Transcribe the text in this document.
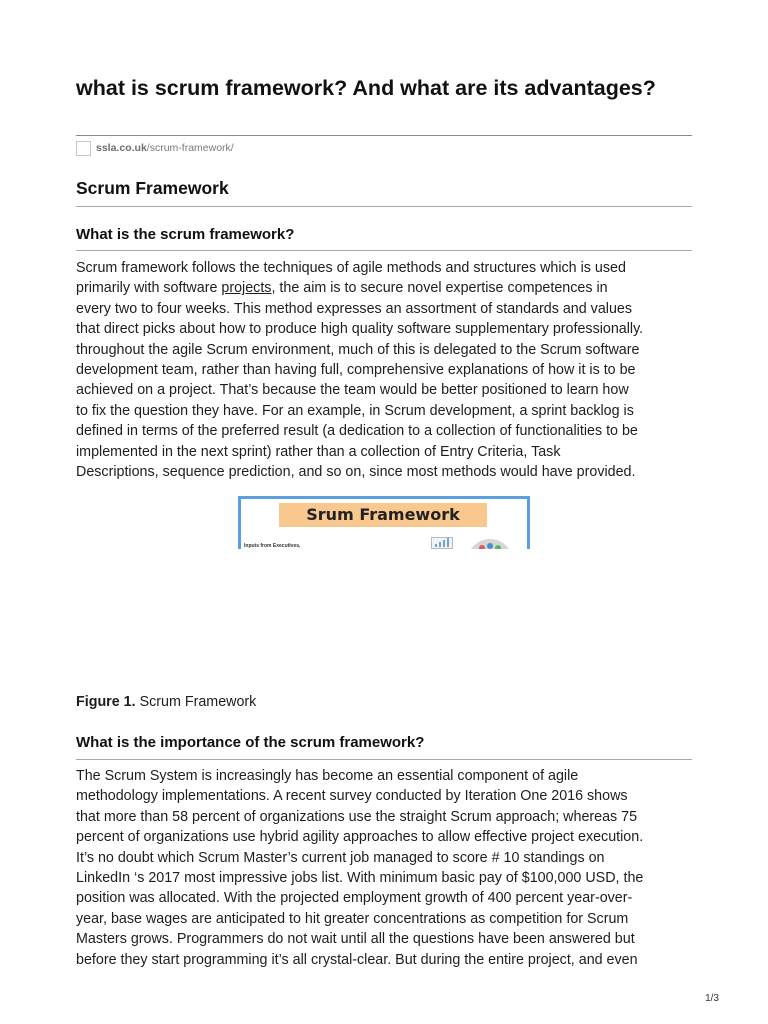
what is scrum framework? And what are its advantages?
ssla.co.uk /scrum-framework/
Scrum Framework
What is the scrum framework?
Scrum framework follows the techniques of agile methods and structures which is used
primarily with software projects, the aim is to secure novel expertise competences in
every two to four weeks. This method expresses an assortment of standards and values
that direct picks about how to produce high quality software supplementary professionally.
throughout the agile Scrum environment, much of this is delegated to the Scrum software
development team, rather than having full, comprehensive explanations of how it is to be
achieved on a project. That’s because the team would be better positioned to learn how
to fix the question they have. For an example, in Scrum development, a sprint backlog is
defined in terms of the preferred result (a dedication to a collection of functionalities to be
implemented in the next sprint) rather than a collection of Entry Criteria, Task
Descriptions, sequence prediction, and so on, since most methods would have provided.
Srum Framework
Inputs from Executives,

Figure 1. Scrum Framework

What is the importance of the scrum framework?
The Scrum System is increasingly has become an essential component of agile
methodology implementations. A recent survey conducted by Iteration One 2016 shows
that more than 58 percent of organizations use the straight Scrum approach; whereas 75
percent of organizations use hybrid agility approaches to allow effective project execution.
It’s no doubt which Scrum Master’s current job managed to score # 10 standings on
LinkedIn ‘s 2017 most impressive jobs list. With minimum basic pay of $100,000 USD, the
position was allocated. With the projected employment growth of 400 percent year-over-
year, base wages are anticipated to hit greater concentrations as competition for Scrum
Masters grows. Programmers do not wait until all the questions have been answered but
before they start programming it’s all crystal-clear. But during the entire project, and even
1/3
